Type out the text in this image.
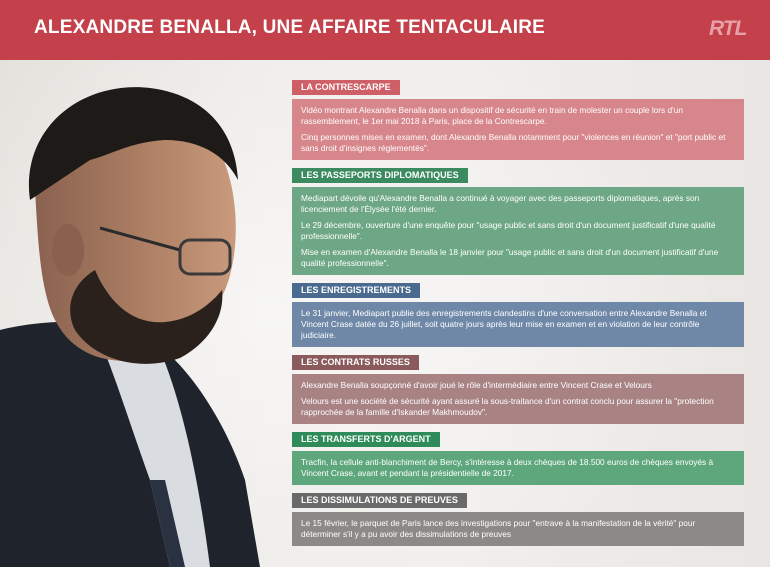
ALEXANDRE BENALLA, UNE AFFAIRE TENTACULAIRE	RTL
LA CONTRESCARPE

Vidéo montrant Alexandre Benalla dans un dispositif de sécurité en train de molester un couple lors d'un rassemblement, le 1er mai 2018 à Paris, place de la Contrescarpe.

Cinq personnes mises en examen, dont Alexandre Benalla notamment pour "violences en réunion" et "port public et sans droit d'insignes réglementés".

LES PASSEPORTS DIPLOMATIQUES

Mediapart dévoile qu'Alexandre Benalla a continué à voyager avec des passeports diplomatiques, après son licenciement de l'Élysée l'été dernier.

Le 29 décembre, ouverture d'une enquête pour "usage public et sans droit d'un document justificatif d'une qualité professionnelle".

Mise en examen d'Alexandre Benalla le 18 janvier pour "usage public et sans droit d'un document justificatif d'une qualité professionnelle".

LES ENREGISTREMENTS

Le 31 janvier, Mediapart publie des enregistrements clandestins d'une conversation entre Alexandre Benalla et Vincent Crase datée du 26 juillet, soit quatre jours après leur mise en examen et en violation de leur contrôle judiciaire.

LES CONTRATS RUSSES

Alexandre Benalla soupçonné d'avoir joué le rôle d'intermédiaire entre Vincent Crase et Velours

Velours est une société de sécurité ayant assuré la sous-traitance d'un contrat conclu pour assurer la "protection rapprochée de la famille d'Iskander Makhmoudov".

LES TRANSFERTS D'ARGENT

Tracfin, la cellule anti-blanchiment de Bercy, s'intéresse à deux chèques de 18.500 euros de chèques envoyés à Vincent Crase, avant et pendant la présidentielle de 2017.

LES DISSIMULATIONS DE PREUVES

Le 15 février, le parquet de Paris lance des investigations pour "entrave à la manifestation de la vérité" pour déterminer s'il y a pu avoir des dissimulations de preuves
